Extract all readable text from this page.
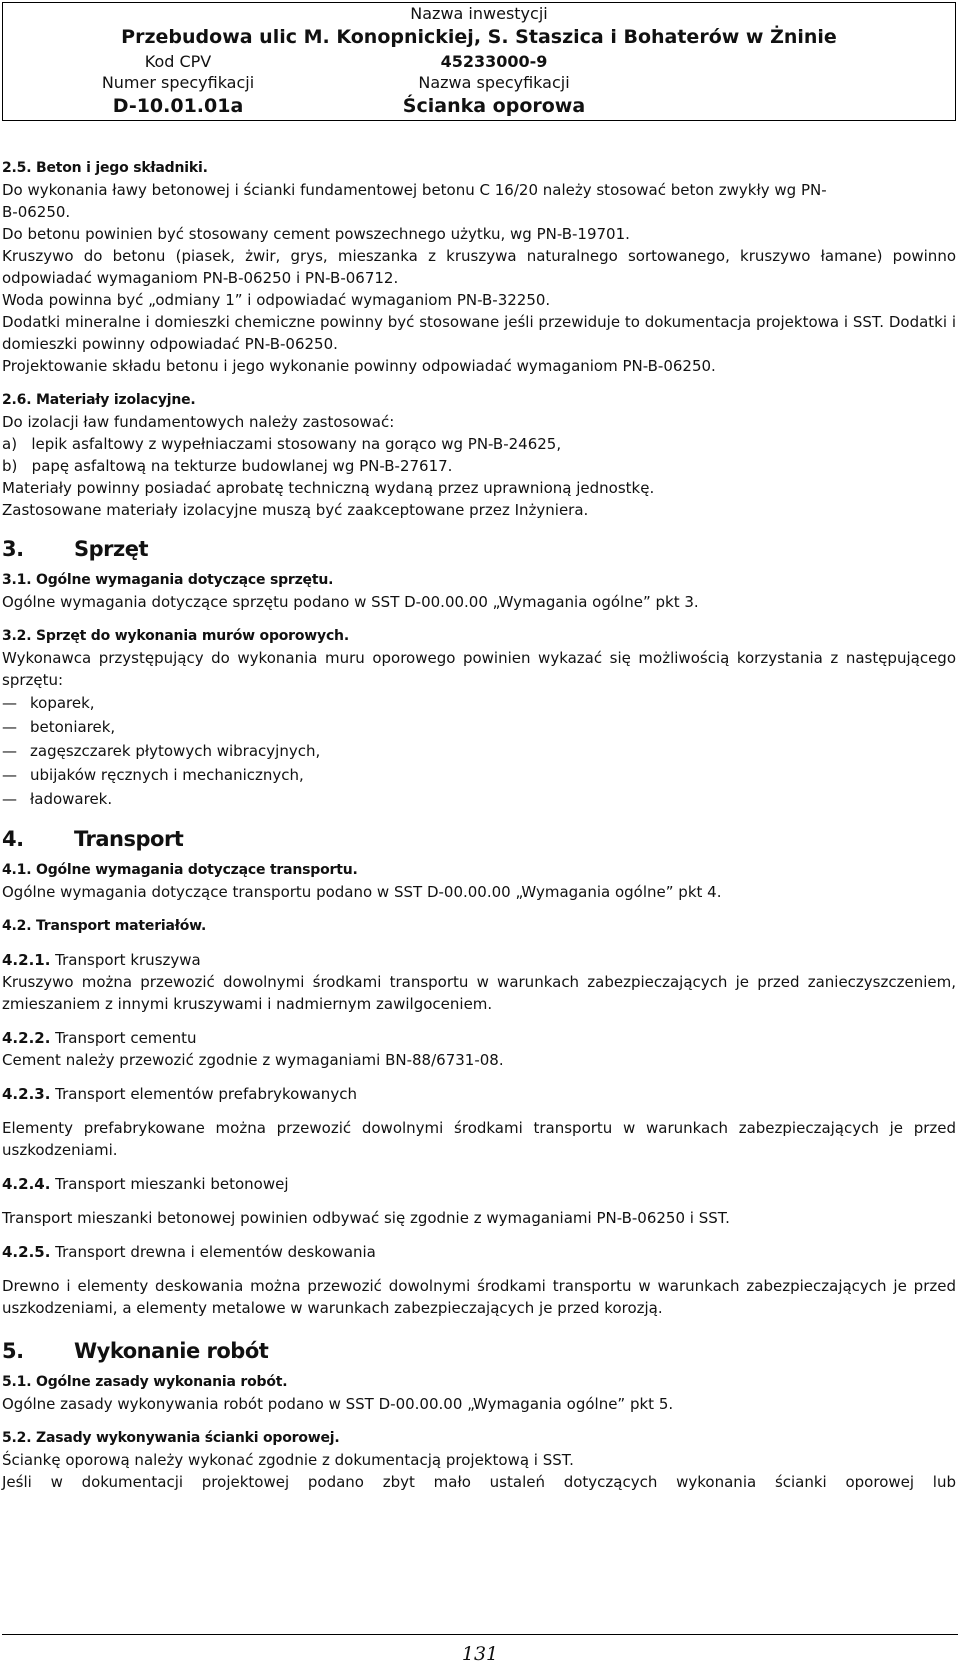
Nazwa inwestycji
Przebudowa ulic M. Konopnickiej, S. Staszica i Bohaterów w Żninie
Kod CPV	45233000-9
Numer specyfikacji	Nazwa specyfikacji
D-10.01.01a	Ścianka oporowa
2.5. Beton i jego składniki.
Do wykonania ławy betonowej i ścianki fundamentowej betonu C 16/20 należy stosować beton zwykły wg PN-
B-06250.
Do betonu powinien być stosowany cement powszechnego użytku, wg PN-B-19701.
Kruszywo do betonu (piasek, żwir, grys, mieszanka z kruszywa naturalnego sortowanego, kruszywo łamane) powinno odpowiadać wymaganiom PN-B-06250 i PN-B-06712.
Woda powinna być „odmiany 1” i odpowiadać wymaganiom PN-B-32250.
Dodatki mineralne i domieszki chemiczne powinny być stosowane jeśli przewiduje to dokumentacja projektowa i SST. Dodatki i domieszki powinny odpowiadać PN-B-06250.
Projektowanie składu betonu i jego wykonanie powinny odpowiadać wymaganiom PN-B-06250.
2.6. Materiały izolacyjne.
Do izolacji ław fundamentowych należy zastosować:
a)   lepik asfaltowy z wypełniaczami stosowany na gorąco wg PN-B-24625,
b)   papę asfaltową na tekturze budowlanej wg PN-B-27617.
Materiały powinny posiadać aprobatę techniczną wydaną przez uprawnioną jednostkę.
Zastosowane materiały izolacyjne muszą być zaakceptowane przez Inżyniera.
3.	Sprzęt
3.1. Ogólne wymagania dotyczące sprzętu.
Ogólne wymagania dotyczące sprzętu podano w SST D-00.00.00 „Wymagania ogólne” pkt 3.
3.2. Sprzęt do wykonania murów oporowych.
Wykonawca przystępujący do wykonania muru oporowego powinien wykazać się możliwością korzystania z następującego sprzętu:
— koparek,
— betoniarek,
— zagęszczarek płytowych wibracyjnych,
— ubijaków ręcznych i mechanicznych,
— ładowarek.
4.	Transport
4.1. Ogólne wymagania dotyczące transportu.
Ogólne wymagania dotyczące transportu podano w SST D-00.00.00 „Wymagania ogólne” pkt 4.
4.2. Transport materiałów.
4.2.1. Transport kruszywa
Kruszywo można przewozić dowolnymi środkami transportu w warunkach zabezpieczających je przed zanieczyszczeniem, zmieszaniem z innymi kruszywami i nadmiernym zawilgoceniem.
4.2.2. Transport cementu
Cement należy przewozić zgodnie z wymaganiami BN-88/6731-08.
4.2.3. Transport elementów prefabrykowanych
Elementy prefabrykowane można przewozić dowolnymi środkami transportu w warunkach zabezpieczających je przed uszkodzeniami.
4.2.4. Transport mieszanki betonowej
Transport mieszanki betonowej powinien odbywać się zgodnie z wymaganiami PN-B-06250 i SST.
4.2.5. Transport drewna i elementów deskowania
Drewno i elementy deskowania można przewozić dowolnymi środkami transportu w warunkach zabezpieczających je przed uszkodzeniami, a elementy metalowe w warunkach zabezpieczających je przed korozją.
5.	Wykonanie robót
5.1. Ogólne zasady wykonania robót.
Ogólne zasady wykonywania robót podano w SST D-00.00.00 „Wymagania ogólne” pkt 5.
5.2. Zasady wykonywania ścianki oporowej.
Ściankę oporową należy wykonać zgodnie z dokumentacją projektową i SST.
Jeśli w dokumentacji projektowej podano zbyt mało ustaleń dotyczących wykonania ścianki oporowej lub
131
